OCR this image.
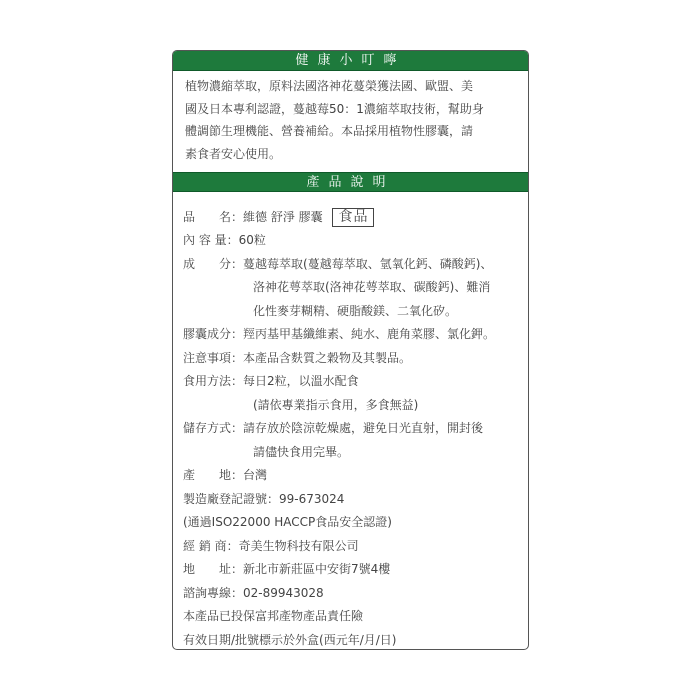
健康小叮嚀
植物濃縮萃取，原料法國洛神花蔓榮獲法國、歐盟、美
國及日本專利認證，蔓越莓50：1濃縮萃取技術，幫助身
體調節生理機能、營養補給。本品採用植物性膠囊，請
素食者安心使用。
產品說明
品　　名： 維德 舒淨 膠囊 食品
內 容 量： 60粒
成　　分： 蔓越莓萃取(蔓越莓萃取、氫氧化鈣、磷酸鈣)、
洛神花萼萃取(洛神花萼萃取、碳酸鈣)、難消
化性麥芽糊精、硬脂酸鎂、二氧化矽。
膠囊成分： 羥丙基甲基纖維素、純水、鹿角菜膠、氯化鉀。
注意事項： 本產品含麩質之穀物及其製品。
食用方法： 每日2粒，以溫水配食
(請依專業指示食用，多食無益)
儲存方式： 請存放於陰涼乾燥處，避免日光直射，開封後
請儘快食用完畢。
產　　地： 台灣
製造廠登記證號：99-673024
(通過ISO22000 HACCP食品安全認證)
經 銷 商： 奇美生物科技有限公司
地　　址： 新北市新莊區中安街7號4樓
諮詢專線： 02-89943028
本產品已投保富邦產物產品責任險
有效日期/批號標示於外盒(西元年/月/日)
